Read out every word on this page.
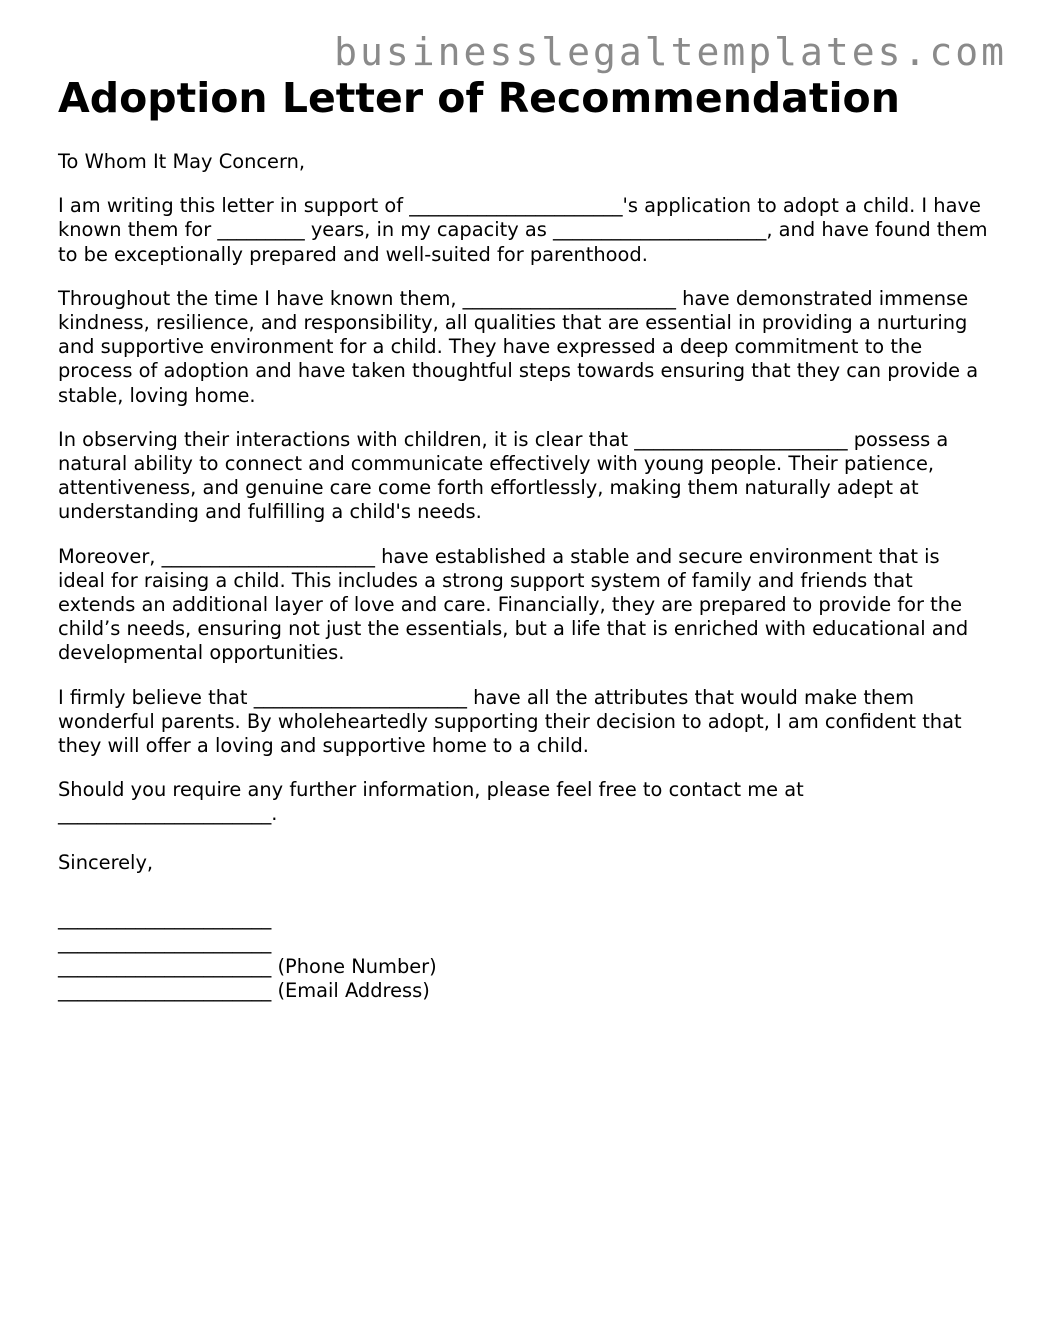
businesslegaltemplates.com
Adoption Letter of Recommendation

To Whom It May Concern,

I am writing this letter in support of ______________________'s application to adopt a child. I have known them for _________ years, in my capacity as ______________________, and have found them to be exceptionally prepared and well-suited for parenthood.

Throughout the time I have known them, ______________________ have demonstrated immense kindness, resilience, and responsibility, all qualities that are essential in providing a nurturing and supportive environment for a child. They have expressed a deep commitment to the process of adoption and have taken thoughtful steps towards ensuring that they can provide a stable, loving home.

In observing their interactions with children, it is clear that ______________________ possess a natural ability to connect and communicate effectively with young people. Their patience, attentiveness, and genuine care come forth effortlessly, making them naturally adept at understanding and fulfilling a child's needs.

Moreover, ______________________ have established a stable and secure environment that is ideal for raising a child. This includes a strong support system of family and friends that extends an additional layer of love and care. Financially, they are prepared to provide for the child’s needs, ensuring not just the essentials, but a life that is enriched with educational and developmental opportunities.

I firmly believe that ______________________ have all the attributes that would make them wonderful parents. By wholeheartedly supporting their decision to adopt, I am confident that they will offer a loving and supportive home to a child.

Should you require any further information, please feel free to contact me at ______________________.

Sincerely,
______________________
______________________
______________________ (Phone Number)
______________________ (Email Address)
